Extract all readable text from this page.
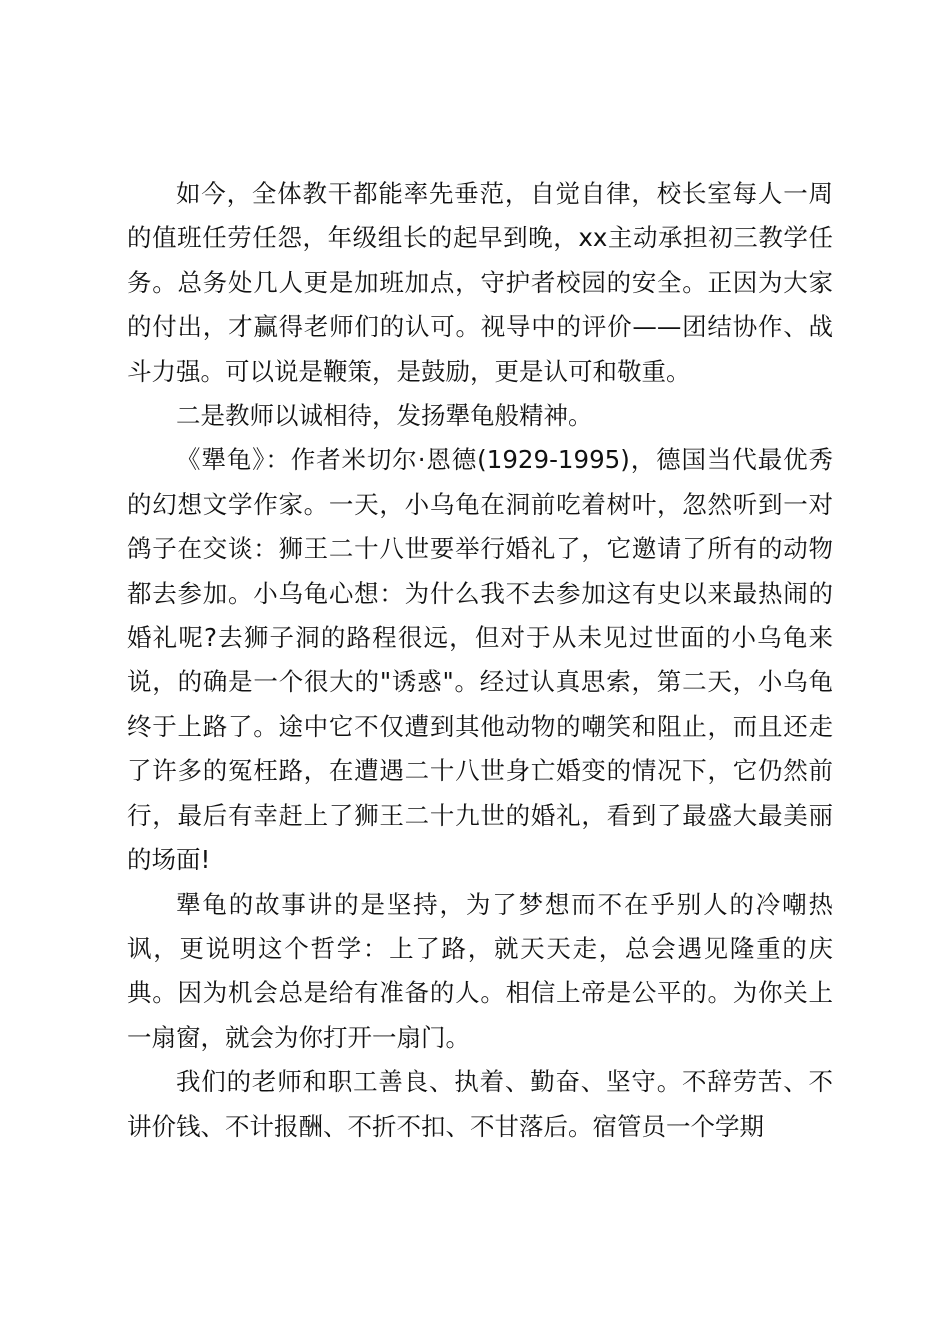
如今，全体教干都能率先垂范，自觉自律，校长室每人一周的值班任劳任怨，年级组长的起早到晚，xx主动承担初三教学任务。总务处几人更是加班加点，守护者校园的安全。正因为大家的付出，才赢得老师们的认可。视导中的评价——团结协作、战斗力强。可以说是鞭策，是鼓励，更是认可和敬重。

二是教师以诚相待，发扬犟龟般精神。

《犟龟》：作者米切尔·恩德(1929-1995)，德国当代最优秀的幻想文学作家。一天，小乌龟在洞前吃着树叶，忽然听到一对鸽子在交谈：狮王二十八世要举行婚礼了，它邀请了所有的动物都去参加。小乌龟心想：为什么我不去参加这有史以来最热闹的婚礼呢?去狮子洞的路程很远，但对于从未见过世面的小乌龟来说，的确是一个很大的"诱惑"。经过认真思索，第二天，小乌龟终于上路了。途中它不仅遭到其他动物的嘲笑和阻止，而且还走了许多的冤枉路，在遭遇二十八世身亡婚变的情况下，它仍然前行，最后有幸赶上了狮王二十九世的婚礼，看到了最盛大最美丽的场面!

犟龟的故事讲的是坚持，为了梦想而不在乎别人的冷嘲热讽，更说明这个哲学：上了路，就天天走，总会遇见隆重的庆典。因为机会总是给有准备的人。相信上帝是公平的。为你关上一扇窗，就会为你打开一扇门。

我们的老师和职工善良、执着、勤奋、坚守。不辞劳苦、不讲价钱、不计报酬、不折不扣、不甘落后。宿管员一个学期
